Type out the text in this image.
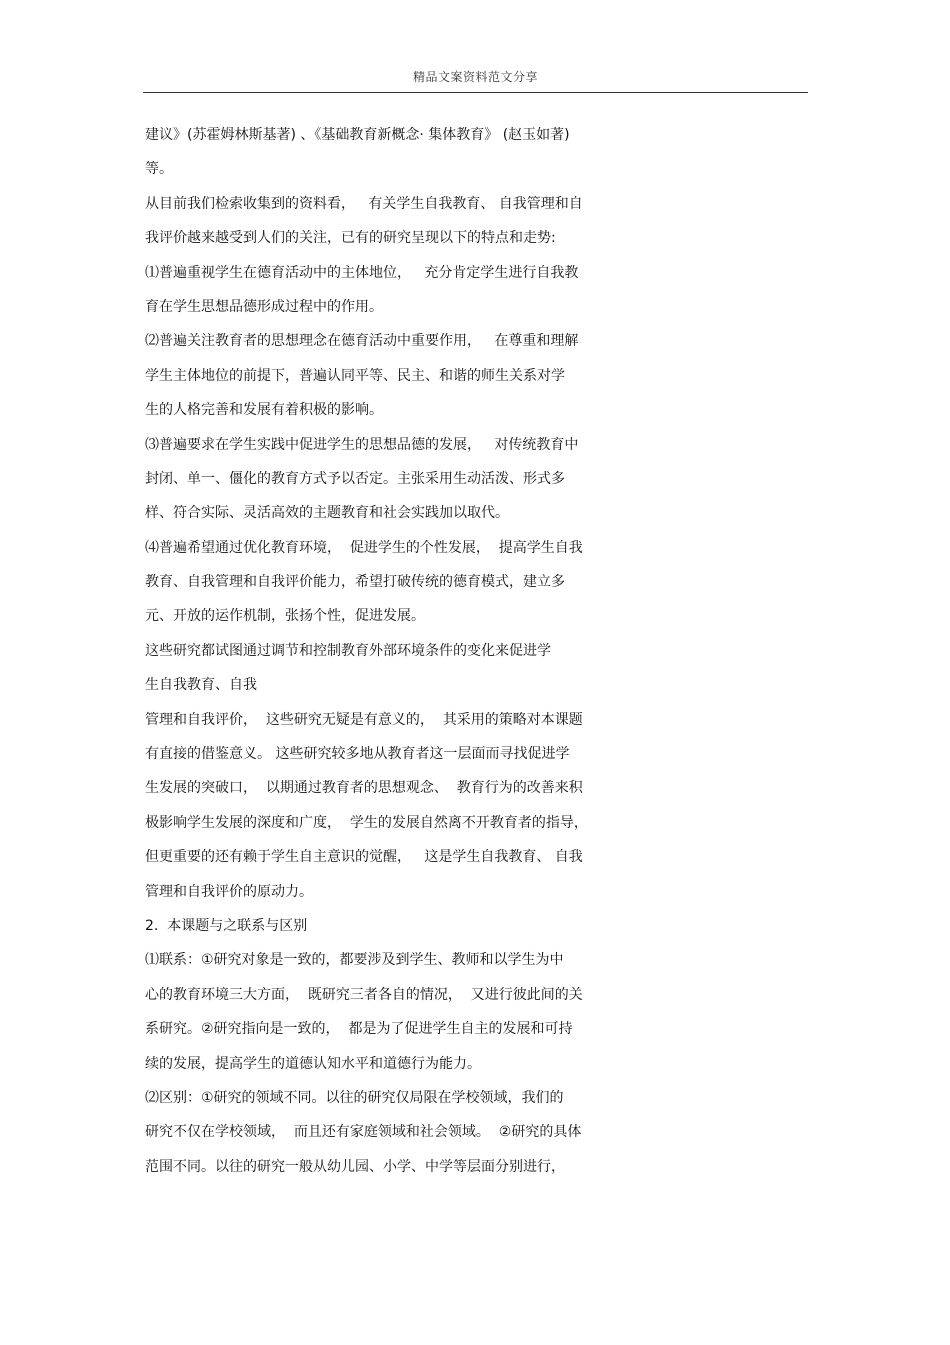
精品文案资料范文分享
建议》(苏霍姆林斯基著) 、《基础教育新概念· 集体教育》 (赵玉如著)
等。
从目前我们检索收集到的资料看，   有关学生自我教育、 自我管理和自
我评价越来越受到人们的关注，已有的研究呈现以下的特点和走势:
⑴普遍重视学生在德育活动中的主体地位，   充分肯定学生进行自我教
育在学生思想品德形成过程中的作用。
⑵普遍关注教育者的思想理念在德育活动中重要作用，   在尊重和理解
学生主体地位的前提下，普遍认同平等、民主、和谐的师生关系对学
生的人格完善和发展有着积极的影响。
⑶普遍要求在学生实践中促进学生的思想品德的发展，   对传统教育中
封闭、单一、僵化的教育方式予以否定。主张采用生动活泼、形式多
样、符合实际、灵活高效的主题教育和社会实践加以取代。
⑷普遍希望通过优化教育环境，  促进学生的个性发展，  提高学生自我
教育、自我管理和自我评价能力，希望打破传统的德育模式，建立多
元、开放的运作机制，张扬个性，促进发展。
这些研究都试图通过调节和控制教育外部环境条件的变化来促进学
生自我教育、自我
管理和自我评价，  这些研究无疑是有意义的，  其采用的策略对本课题
有直接的借鉴意义。 这些研究较多地从教育者这一层面而寻找促进学
生发展的突破口，  以期通过教育者的思想观念、  教育行为的改善来积
极影响学生发展的深度和广度，  学生的发展自然离不开教育者的指导，
但更重要的还有赖于学生自主意识的觉醒，   这是学生自我教育、 自我
管理和自我评价的原动力。
2.  本课题与之联系与区别
⑴联系：①研究对象是一致的，都要涉及到学生、教师和以学生为中
心的教育环境三大方面，  既研究三者各自的情况，  又进行彼此间的关
系研究。②研究指向是一致的，  都是为了促进学生自主的发展和可持
续的发展，提高学生的道德认知水平和道德行为能力。
⑵区别：①研究的领域不同。以往的研究仅局限在学校领域，我们的
研究不仅在学校领域，  而且还有家庭领域和社会领域。  ②研究的具体
范围不同。以往的研究一般从幼儿园、小学、中学等层面分别进行，
